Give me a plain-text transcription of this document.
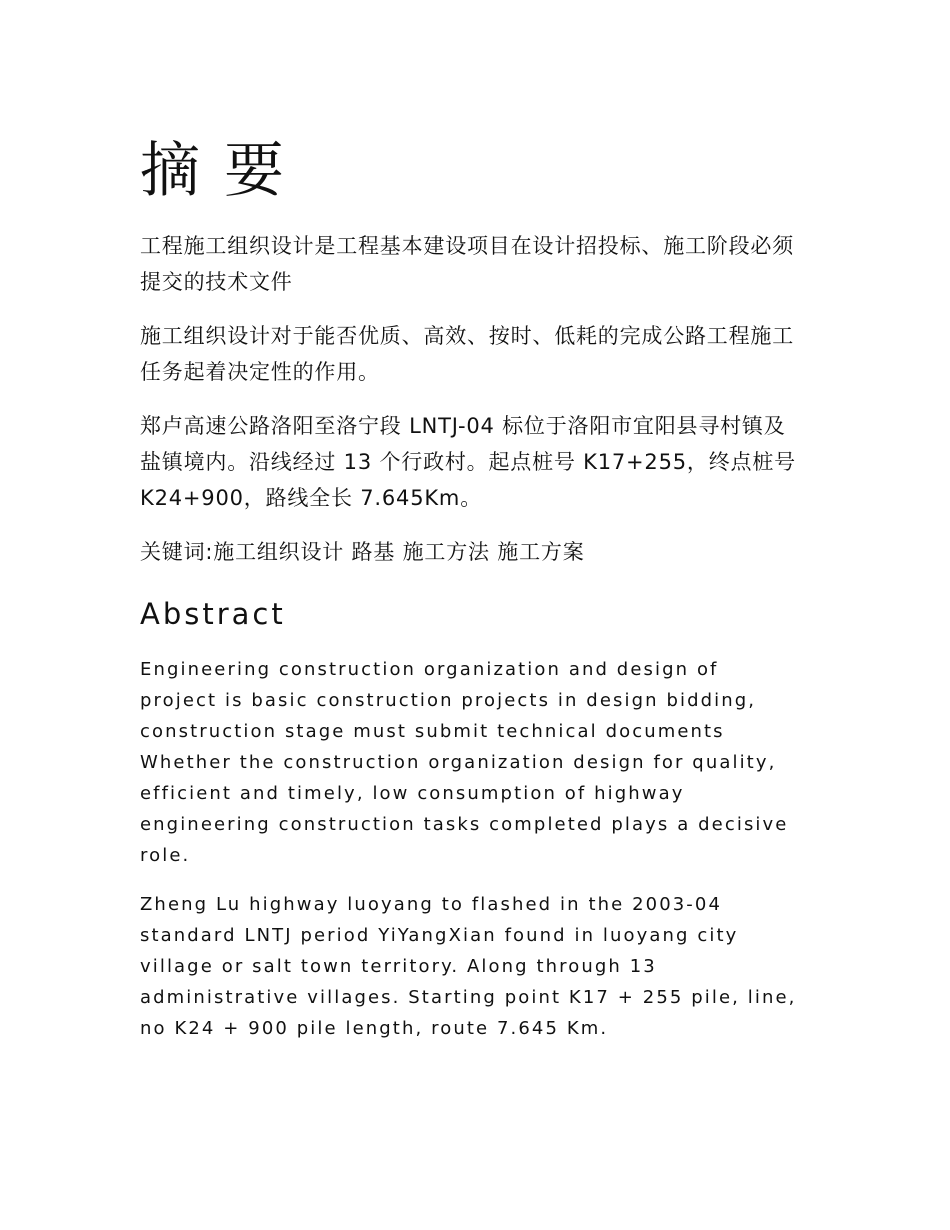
摘要

工程施工组织设计是工程基本建设项目在设计招投标、施工阶段必须提交的技术文件

施工组织设计对于能否优质、高效、按时、低耗的完成公路工程施工任务起着决定性的作用。

郑卢高速公路洛阳至洛宁段 LNTJ-04 标位于洛阳市宜阳县寻村镇及盐镇境内。沿线经过 13 个行政村。起点桩号 K17+255，终点桩号 K24+900，路线全长 7.645Km。

关键词:施工组织设计 路基 施工方法 施工方案

Abstract

Engineering construction organization and design of
project is basic construction projects in design bidding,
construction stage must submit technical documents
Whether the construction organization design for quality,
efficient and timely, low consumption of highway
engineering construction tasks completed plays a decisive
role.

Zheng Lu highway luoyang to flashed in the 2003-04
standard LNTJ period YiYangXian found in luoyang city
village or salt town territory. Along through 13
administrative villages. Starting point K17 + 255 pile, line,
no K24 + 900 pile length, route 7.645 Km.
